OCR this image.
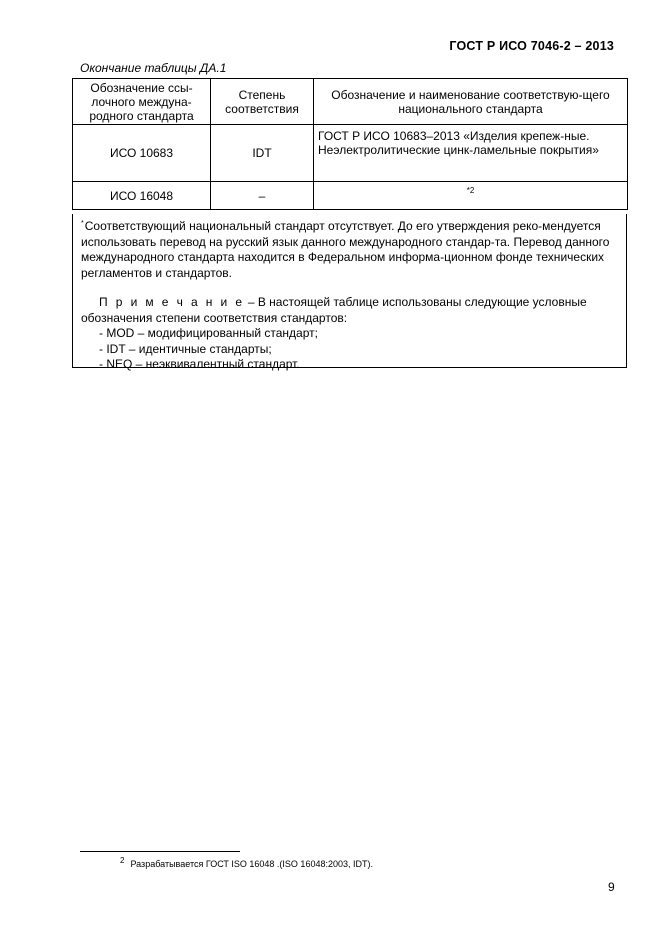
ГОСТ Р ИСО 7046-2 – 2013
Окончание таблицы ДА.1
Обозначение ссы-лочного междуна-родного стандарта	Степень соответствия	Обозначение и наименование соответствую-щего национального стандарта
ИСО 10683	IDT	ГОСТ Р ИСО 10683–2013 «Изделия крепеж-ные. Неэлектролитические цинк-ламельные покрытия»
ИСО 16048	–	*2
*Соответствующий национальный стандарт отсутствует. До его утверждения реко-мендуется использовать перевод на русский язык данного международного стандар-та. Перевод данного международного стандарта находится в Федеральном информа-ционном фонде технических регламентов и стандартов.
П р и м е ч а н и е – В настоящей таблице использованы следующие условные обозначения степени соответствия стандартов:
- MOD – модифицированный стандарт;
- IDT – идентичные стандарты;
- NEQ – неэквивалентный стандарт.
2 Разрабатывается ГОСТ ISO 16048 .(ISO 16048:2003, IDT).
9
